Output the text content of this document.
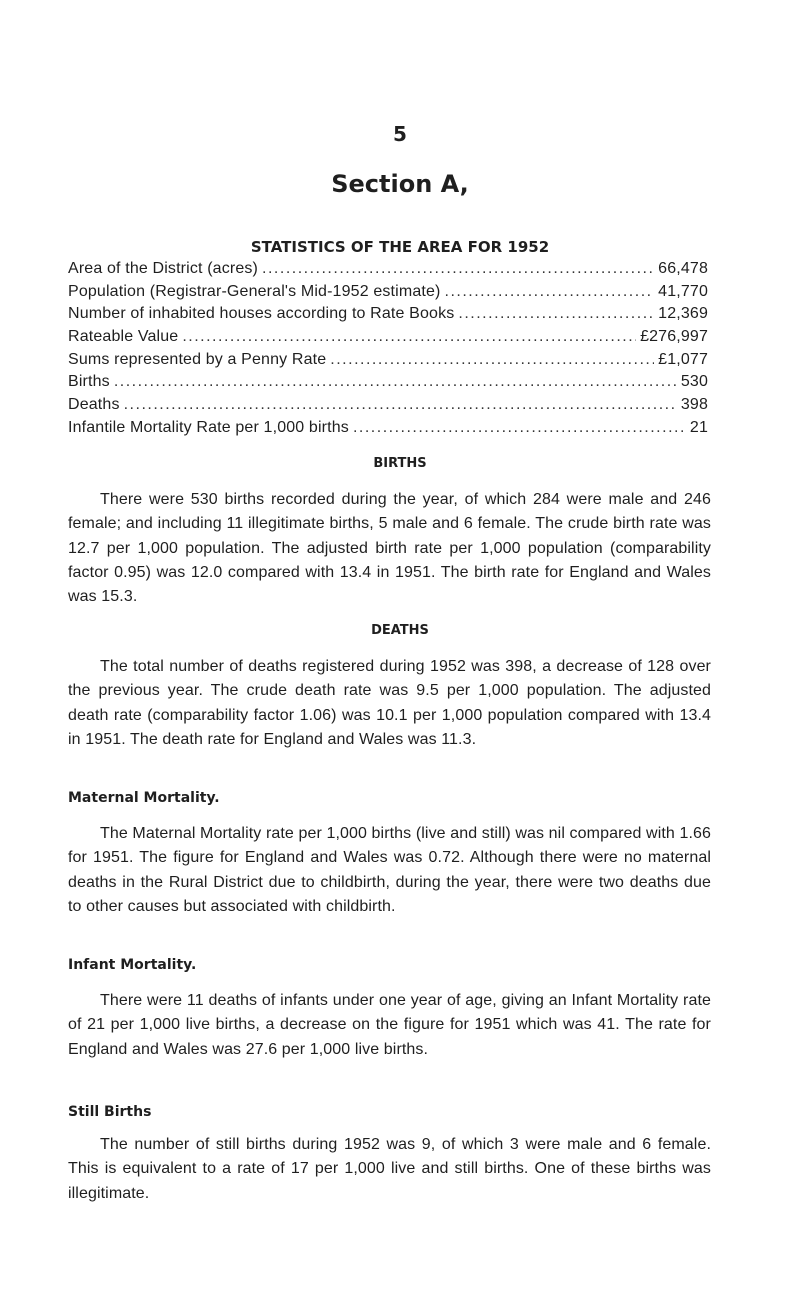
5
Section A,
STATISTICS OF THE AREA FOR 1952
Area of the District (acres) .....	66,478
Population (Registrar-General's Mid-1952 estimate) .....	41,770
Number of inhabited houses according to Rate Books .....	12,369
Rateable Value .....	£276,997
Sums represented by a Penny Rate .....	£1,077
Births .....	530
Deaths .....	398
Infantile Mortality Rate per 1,000 births .....	21
BIRTHS

There were 530 births recorded during the year, of which 284 were male and 246 female; and including 11 illegitimate births, 5 male and 6 female. The crude birth rate was 12.7 per 1,000 population. The adjusted birth rate per 1,000 population (comparability factor 0.95) was 12.0 compared with 13.4 in 1951. The birth rate for England and Wales was 15.3.

DEATHS

The total number of deaths registered during 1952 was 398, a decrease of 128 over the previous year. The crude death rate was 9.5 per 1,000 population. The adjusted death rate (comparability factor 1.06) was 10.1 per 1,000 population compared with 13.4 in 1951. The death rate for England and Wales was 11.3.

Maternal Mortality.

The Maternal Mortality rate per 1,000 births (live and still) was nil compared with 1.66 for 1951. The figure for England and Wales was 0.72. Although there were no maternal deaths in the Rural District due to childbirth, during the year, there were two deaths due to other causes but associated with childbirth.

Infant Mortality.

There were 11 deaths of infants under one year of age, giving an Infant Mortality rate of 21 per 1,000 live births, a decrease on the figure for 1951 which was 41. The rate for England and Wales was 27.6 per 1,000 live births.

Still Births

The number of still births during 1952 was 9, of which 3 were male and 6 female. This is equivalent to a rate of 17 per 1,000 live and still births. One of these births was illegitimate.
